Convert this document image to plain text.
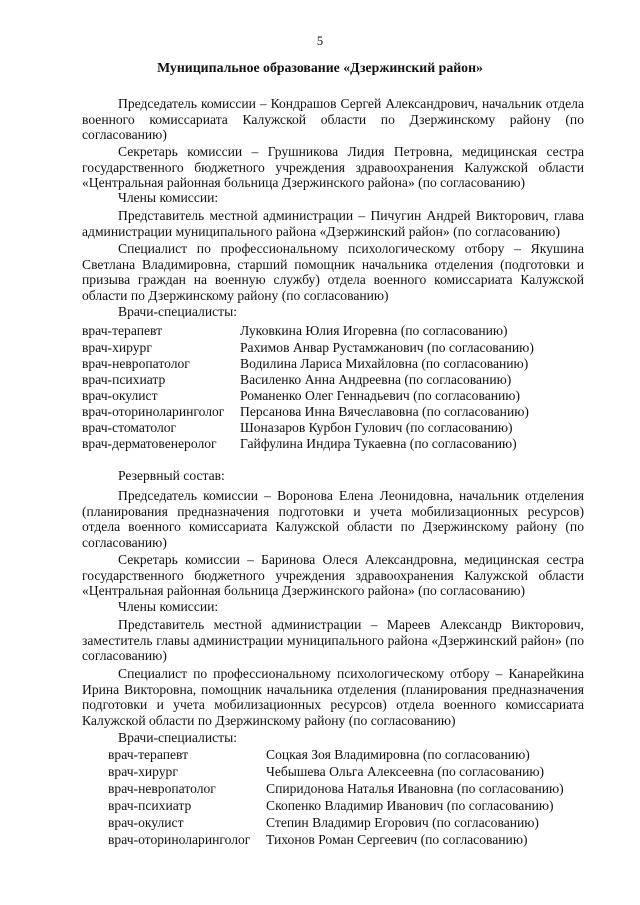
5
Муниципальное образование «Дзержинский район»
Председатель комиссии – Кондрашов Сергей Александрович, начальник отдела военного комиссариата Калужской области по Дзержинскому району (по согласованию)
Секретарь комиссии – Грушникова Лидия Петровна, медицинская сестра государственного бюджетного учреждения здравоохранения Калужской области «Центральная районная больница Дзержинского района» (по согласованию)
Члены комиссии:
Представитель местной администрации – Пичугин Андрей Викторович, глава администрации муниципального района «Дзержинский район» (по согласованию)
Специалист по профессиональному психологическому отбору – Якушина Светлана Владимировна, старший помощник начальника отделения (подготовки и призыва граждан на военную службу) отдела военного комиссариата Калужской области по Дзержинскому району (по согласованию)
Врачи-специалисты:
врач-терапевт	Луковкина Юлия Игоревна (по согласованию)
врач-хирург	Рахимов Анвар Рустамжанович (по согласованию)
врач-невропатолог	Водилина Лариса Михайловна (по согласованию)
врач-психиатр	Василенко Анна Андреевна (по согласованию)
врач-окулист	Романенко Олег Геннадьевич (по согласованию)
врач-оториноларинголог Персанова Инна Вячеславовна (по согласованию)
врач-стоматолог	Шоназаров Курбон Гулович (по согласованию)
врач-дерматовенеролог Гайфулина Индира Тукаевна (по согласованию)
Резервный состав:
Председатель комиссии – Воронова Елена Леонидовна, начальник отделения (планирования предназначения подготовки и учета мобилизационных ресурсов) отдела военного комиссариата Калужской области по Дзержинскому району (по согласованию)
Секретарь комиссии – Баринова Олеся Александровна, медицинская сестра государственного бюджетного учреждения здравоохранения Калужской области «Центральная районная больница Дзержинского района» (по согласованию)
Члены комиссии:
Представитель местной администрации – Мареев Александр Викторович, заместитель главы администрации муниципального района «Дзержинский район» (по согласованию)
Специалист по профессиональному психологическому отбору – Канарейкина Ирина Викторовна, помощник начальника отделения (планирования предназначения подготовки и учета мобилизационных ресурсов) отдела военного комиссариата Калужской области по Дзержинскому району (по согласованию)
Врачи-специалисты:
врач-терапевт	Соцкая Зоя Владимировна (по согласованию)
врач-хирург	Чебышева Ольга Алексеевна (по согласованию)
врач-невропатолог	Спиридонова Наталья Ивановна (по согласованию)
врач-психиатр	Скопенко Владимир Иванович (по согласованию)
врач-окулист	Степин Владимир Егорович (по согласованию)
врач-оториноларинголог Тихонов Роман Сергеевич (по согласованию)
